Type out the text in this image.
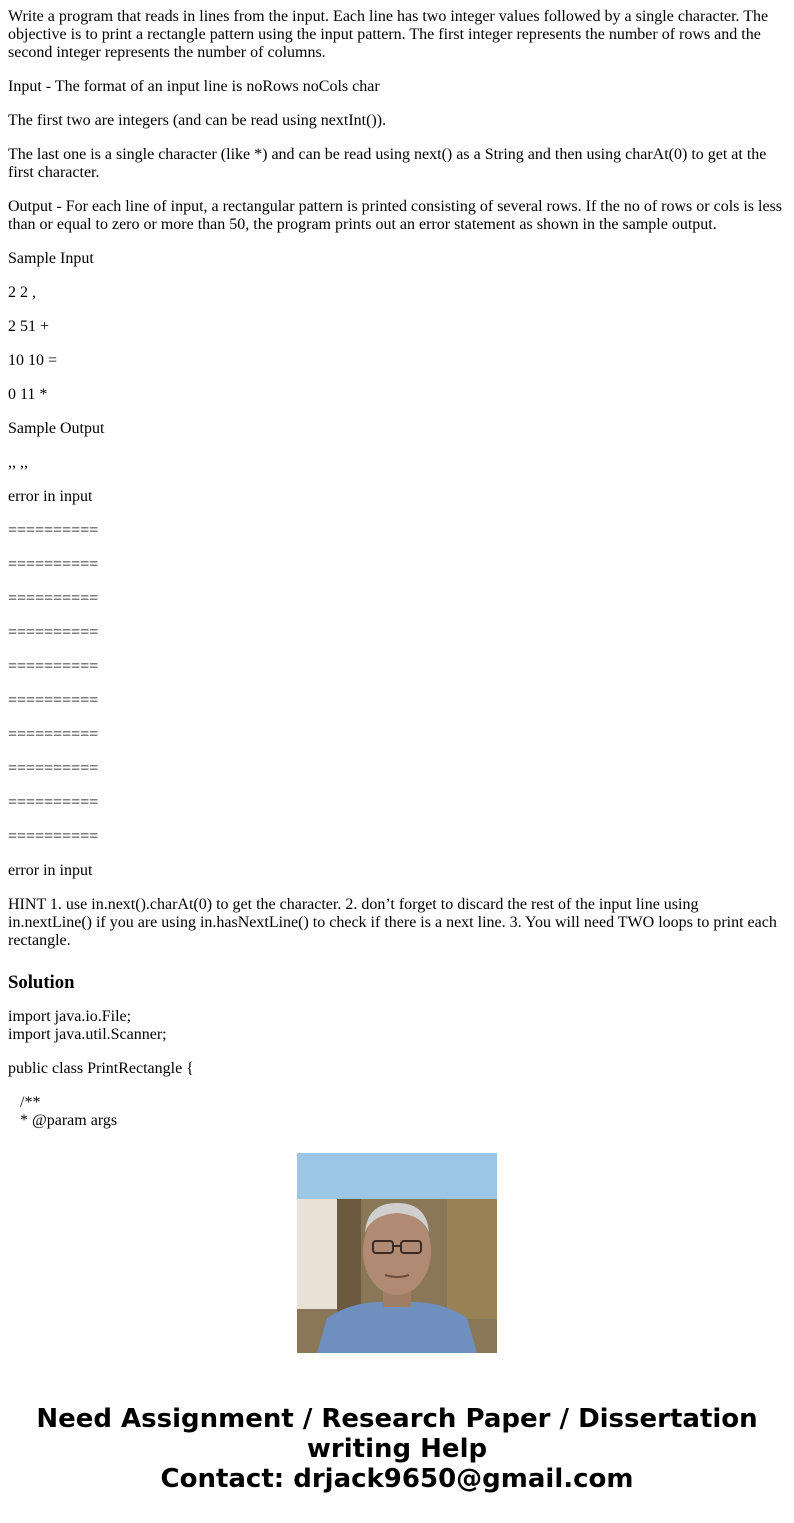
Write a program that reads in lines from the input. Each line has two integer values followed by a single character. The objective is to print a rectangle pattern using the input pattern. The first integer represents the number of rows and the second integer represents the number of columns.

Input - The format of an input line is noRows noCols char

The first two are integers (and can be read using nextInt()).

The last one is a single character (like *) and can be read using next() as a String and then using charAt(0) to get at the first character.

Output - For each line of input, a rectangular pattern is printed consisting of several rows. If the no of rows or cols is less than or equal to zero or more than 50, the program prints out an error statement as shown in the sample output.

Sample Input

2 2 ,

2 51 +

10 10 =

0 11 *

Sample Output

,, ,,

error in input

==========

==========

==========

==========

==========

==========

==========

==========

==========

==========

error in input

HINT 1. use in.next().charAt(0) to get the character. 2. don’t forget to discard the rest of the input line using in.nextLine() if you are using in.hasNextLine() to check if there is a next line. 3. You will need TWO loops to print each rectangle.

Solution
import java.io.File;
import java.util.Scanner;
public class PrintRectangle {
/**
* @param args
Need Assignment / Research Paper / Dissertation
writing Help
Contact: drjack9650@gmail.com
